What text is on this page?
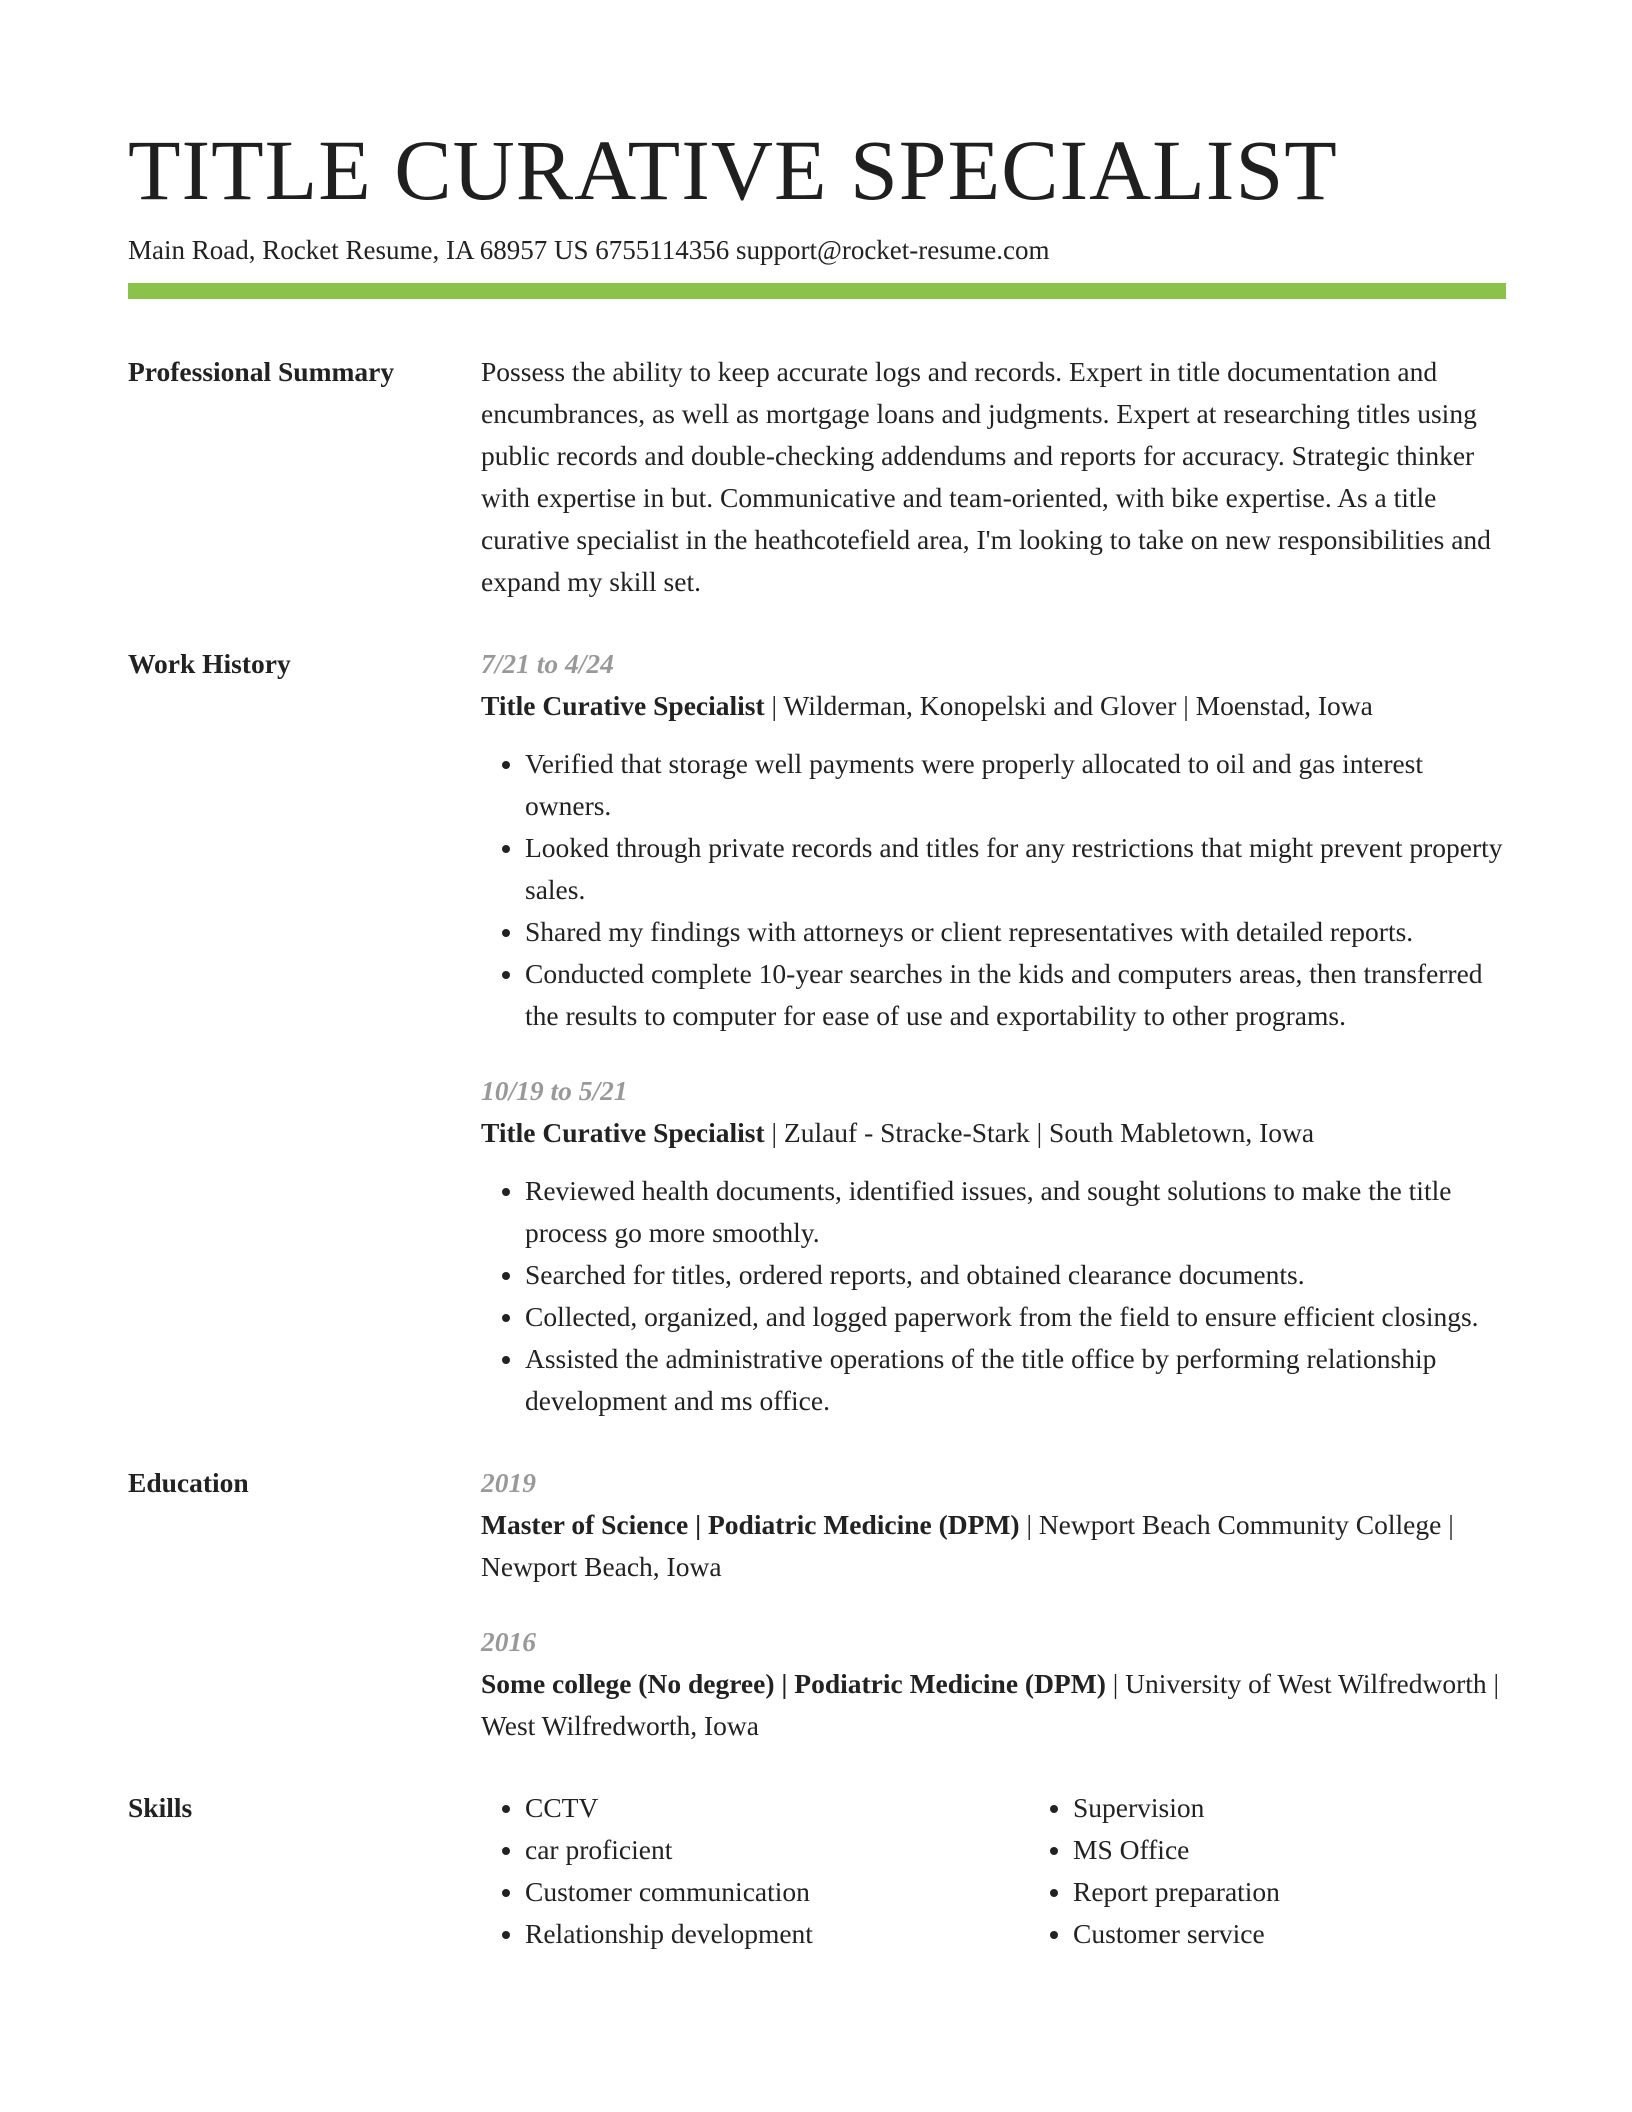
TITLE CURATIVE SPECIALIST
Main Road, Rocket Resume, IA 68957 US 6755114356 support@rocket-resume.com
Professional Summary	Possess the ability to keep accurate logs and records. Expert in title documentation and encumbrances, as well as mortgage loans and judgments. Expert at researching titles using public records and double-checking addendums and reports for accuracy. Strategic thinker with expertise in but. Communicative and team-oriented, with bike expertise. As a title curative specialist in the heathcotefield area, I'm looking to take on new responsibilities and expand my skill set.

Work History	7/21 to 4/24
Title Curative Specialist | Wilderman, Konopelski and Glover | Moenstad, Iowa
• Verified that storage well payments were properly allocated to oil and gas interest owners.
• Looked through private records and titles for any restrictions that might prevent property sales.
• Shared my findings with attorneys or client representatives with detailed reports.
• Conducted complete 10-year searches in the kids and computers areas, then transferred the results to computer for ease of use and exportability to other programs.
10/19 to 5/21
Title Curative Specialist | Zulauf - Stracke-Stark | South Mabletown, Iowa
• Reviewed health documents, identified issues, and sought solutions to make the title process go more smoothly.
• Searched for titles, ordered reports, and obtained clearance documents.
• Collected, organized, and logged paperwork from the field to ensure efficient closings.
• Assisted the administrative operations of the title office by performing relationship development and ms office.
Education	2019
Master of Science | Podiatric Medicine (DPM) | Newport Beach Community College | Newport Beach, Iowa
2016
Some college (No degree) | Podiatric Medicine (DPM) | University of West Wilfredworth | West Wilfredworth, Iowa
Skills
•	CCTV
• car proficient
• Customer communication
• Relationship development
• Supervision
• MS Office
• Report preparation
• Customer service
